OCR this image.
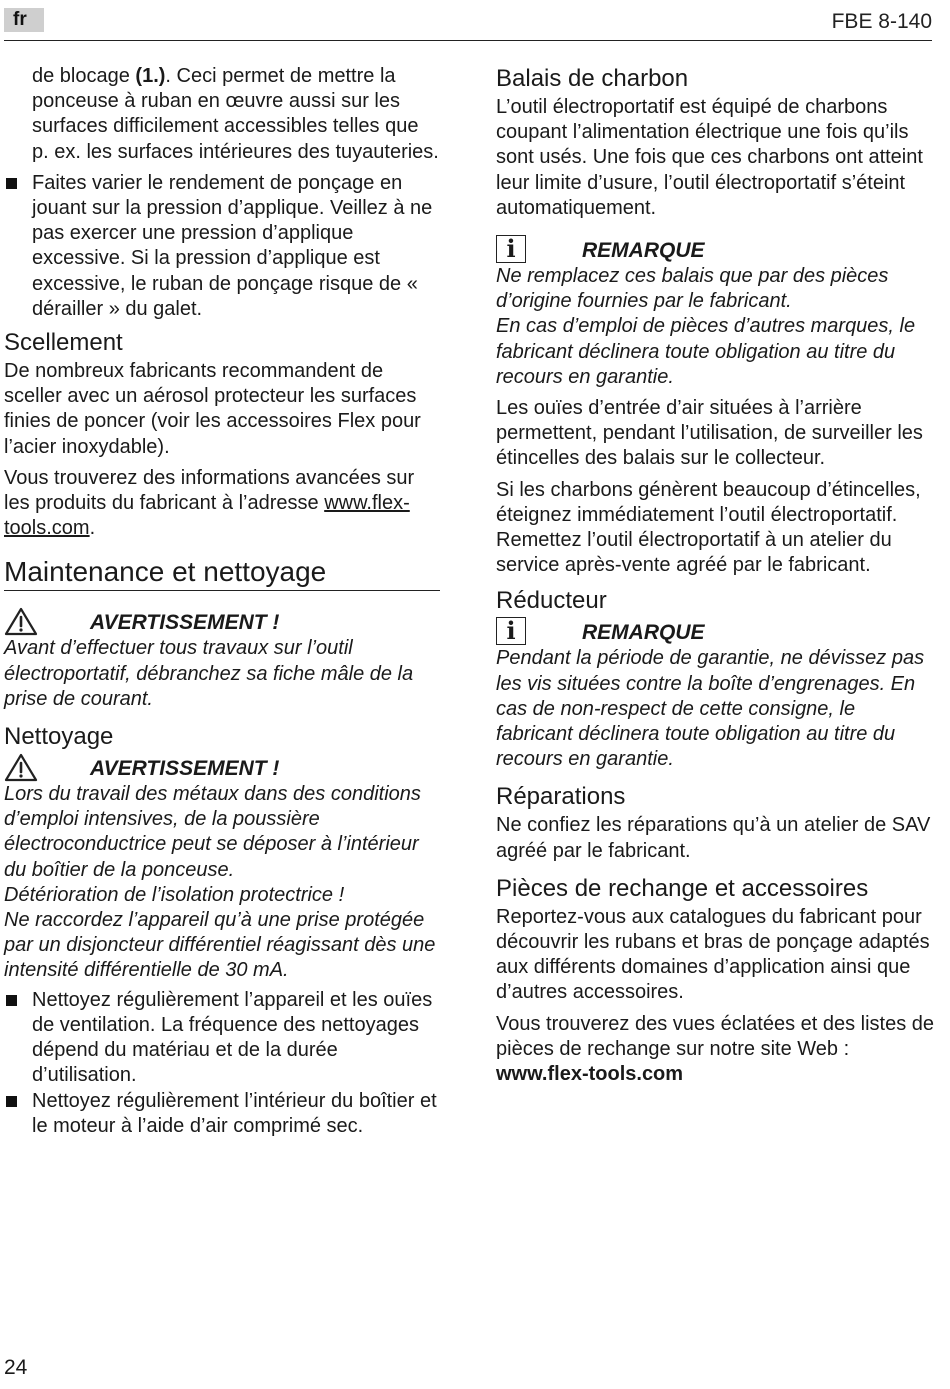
fr	FBE 8-140

de blocage (1.). Ceci permet de mettre la ponceuse à ruban en œuvre aussi sur les surfaces difficilement accessibles telles que p. ex. les surfaces intérieures des tuyauteries.

Faites varier le rendement de ponçage en jouant sur la pression d’applique. Veillez à ne pas exercer une pression d’applique excessive. Si la pression d’applique est excessive, le ruban de ponçage risque de « dérailler » du galet.

Scellement

De nombreux fabricants recommandent de sceller avec un aérosol protecteur les surfaces finies de poncer (voir les accessoires Flex pour l’acier inoxydable).

Vous trouverez des informations avancées sur les produits du fabricant à l’adresse www.flex-tools.com.

Maintenance et nettoyage
AVERTISSEMENT !

Avant d’effectuer tous travaux sur l’outil électroportatif, débranchez sa fiche mâle de la prise de courant.

Nettoyage
AVERTISSEMENT !

Lors du travail des métaux dans des conditions d’emploi intensives, de la poussière électroconductrice peut se déposer à l’intérieur du boîtier de la ponceuse.

Détérioration de l’isolation protectrice !

Ne raccordez l’appareil qu’à une prise protégée par un disjoncteur différentiel réagissant dès une intensité différentielle de 30 mA.

Nettoyez régulièrement l’appareil et les ouïes de ventilation. La fréquence des nettoyages dépend du matériau et de la durée d’utilisation.

Nettoyez régulièrement l’intérieur du boîtier et le moteur à l’aide d’air comprimé sec.

Balais de charbon

L’outil électroportatif est équipé de charbons coupant l’alimentation électrique une fois qu’ils sont usés. Une fois que ces charbons ont atteint leur limite d’usure, l’outil électroportatif s’éteint automatiquement.

i	REMARQUE

Ne remplacez ces balais que par des pièces d’origine fournies par le fabricant.

En cas d’emploi de pièces d’autres marques, le fabricant déclinera toute obligation au titre du recours en garantie.

Les ouïes d’entrée d’air situées à l’arrière permettent, pendant l’utilisation, de surveiller les étincelles des balais sur le collecteur.

Si les charbons génèrent beaucoup d’étincelles, éteignez immédiatement l’outil électroportatif. Remettez l’outil électroportatif à un atelier du service après-vente agréé par le fabricant.

Réducteur
i	REMARQUE

Pendant la période de garantie, ne dévissez pas les vis situées contre la boîte d’engrenages. En cas de non-respect de cette consigne, le fabricant déclinera toute obligation au titre du recours en garantie.

Réparations

Ne confiez les réparations qu’à un atelier de SAV agréé par le fabricant.

Pièces de rechange et accessoires

Reportez-vous aux catalogues du fabricant pour découvrir les rubans et bras de ponçage adaptés aux différents domaines d’application ainsi que d’autres accessoires.

Vous trouverez des vues éclatées et des listes de pièces de rechange sur notre site Web :

www.flex-tools.com

24
